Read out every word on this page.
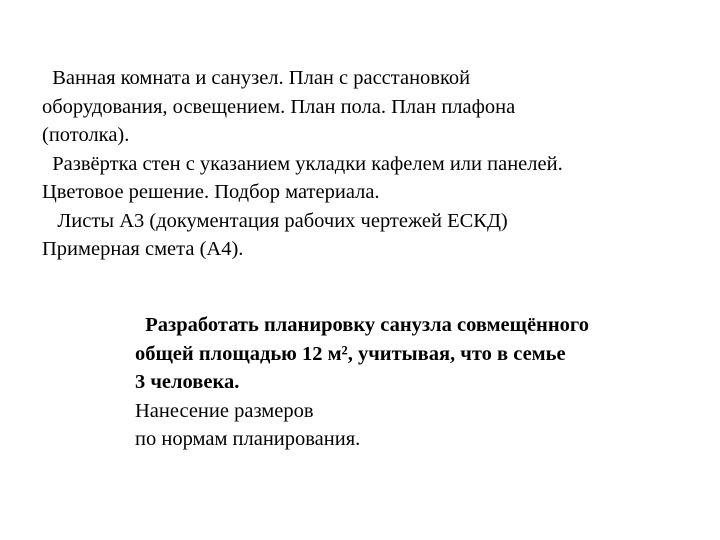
Ванная комната и санузел. План с расстановкой
оборудования, освещением. План пола. План плафона
(потолка).
Развёртка стен с указанием укладки кафелем или панелей.
Цветовое решение. Подбор материала.
Листы А3 (документация рабочих чертежей ЕСКД)
Примерная смета (А4).
Разработать планировку санузла совмещённого
общей площадью 12 м², учитывая, что в семье
3 человека.
Нанесение размеров
по нормам планирования.
